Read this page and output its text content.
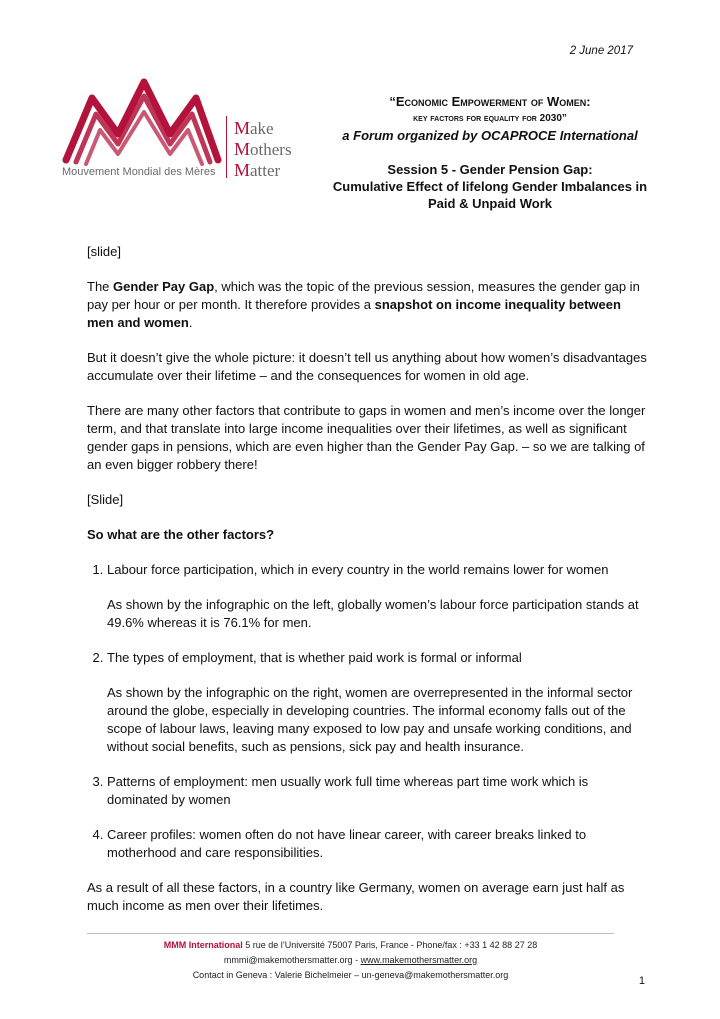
2 June 2017
Make
Mothers
Matter
Mouvement Mondial des Mères
“Economic Empowerment of Women:
key factors for equality for 2030”
a Forum organized by OCAPROCE International
Session 5 - Gender Pension Gap:
Cumulative Effect of lifelong Gender Imbalances in
Paid & Unpaid Work

[slide]

The Gender Pay Gap, which was the topic of the previous session, measures the gender gap in pay per hour or per month. It therefore provides a snapshot on income inequality between men and women.

But it doesn’t give the whole picture: it doesn’t tell us anything about how women’s disadvantages accumulate over their lifetime – and the consequences for women in old age.

There are many other factors that contribute to gaps in women and men’s income over the longer term, and that translate into large income inequalities over their lifetimes, as well as significant gender gaps in pensions, which are even higher than the Gender Pay Gap. – so we are talking of an even bigger robbery there!

[Slide]

So what are the other factors?

1. Labour force participation, which in every country in the world remains lower for women

As shown by the infographic on the left, globally women’s labour force participation stands at 49.6% whereas it is 76.1% for men.

2. The types of employment, that is whether paid work is formal or informal

As shown by the infographic on the right, women are overrepresented in the informal sector around the globe, especially in developing countries. The informal economy falls out of the scope of labour laws, leaving many exposed to low pay and unsafe working conditions, and without social benefits, such as pensions, sick pay and health insurance.

3. Patterns of employment: men usually work full time whereas part time work which is dominated by women

4. Career profiles: women often do not have linear career, with career breaks linked to motherhood and care responsibilities.

As a result of all these factors, in a country like Germany, women on average earn just half as much income as men over their lifetimes.

MMM International 5 rue de l’Université 75007 Paris, France - Phone/fax : +33 1 42 88 27 28
mmmi@makemothersmatter.org - www.makemothersmatter.org
Contact in Geneva : Valerie Bichelmeier – un-geneva@makemothersmatter.org	1
